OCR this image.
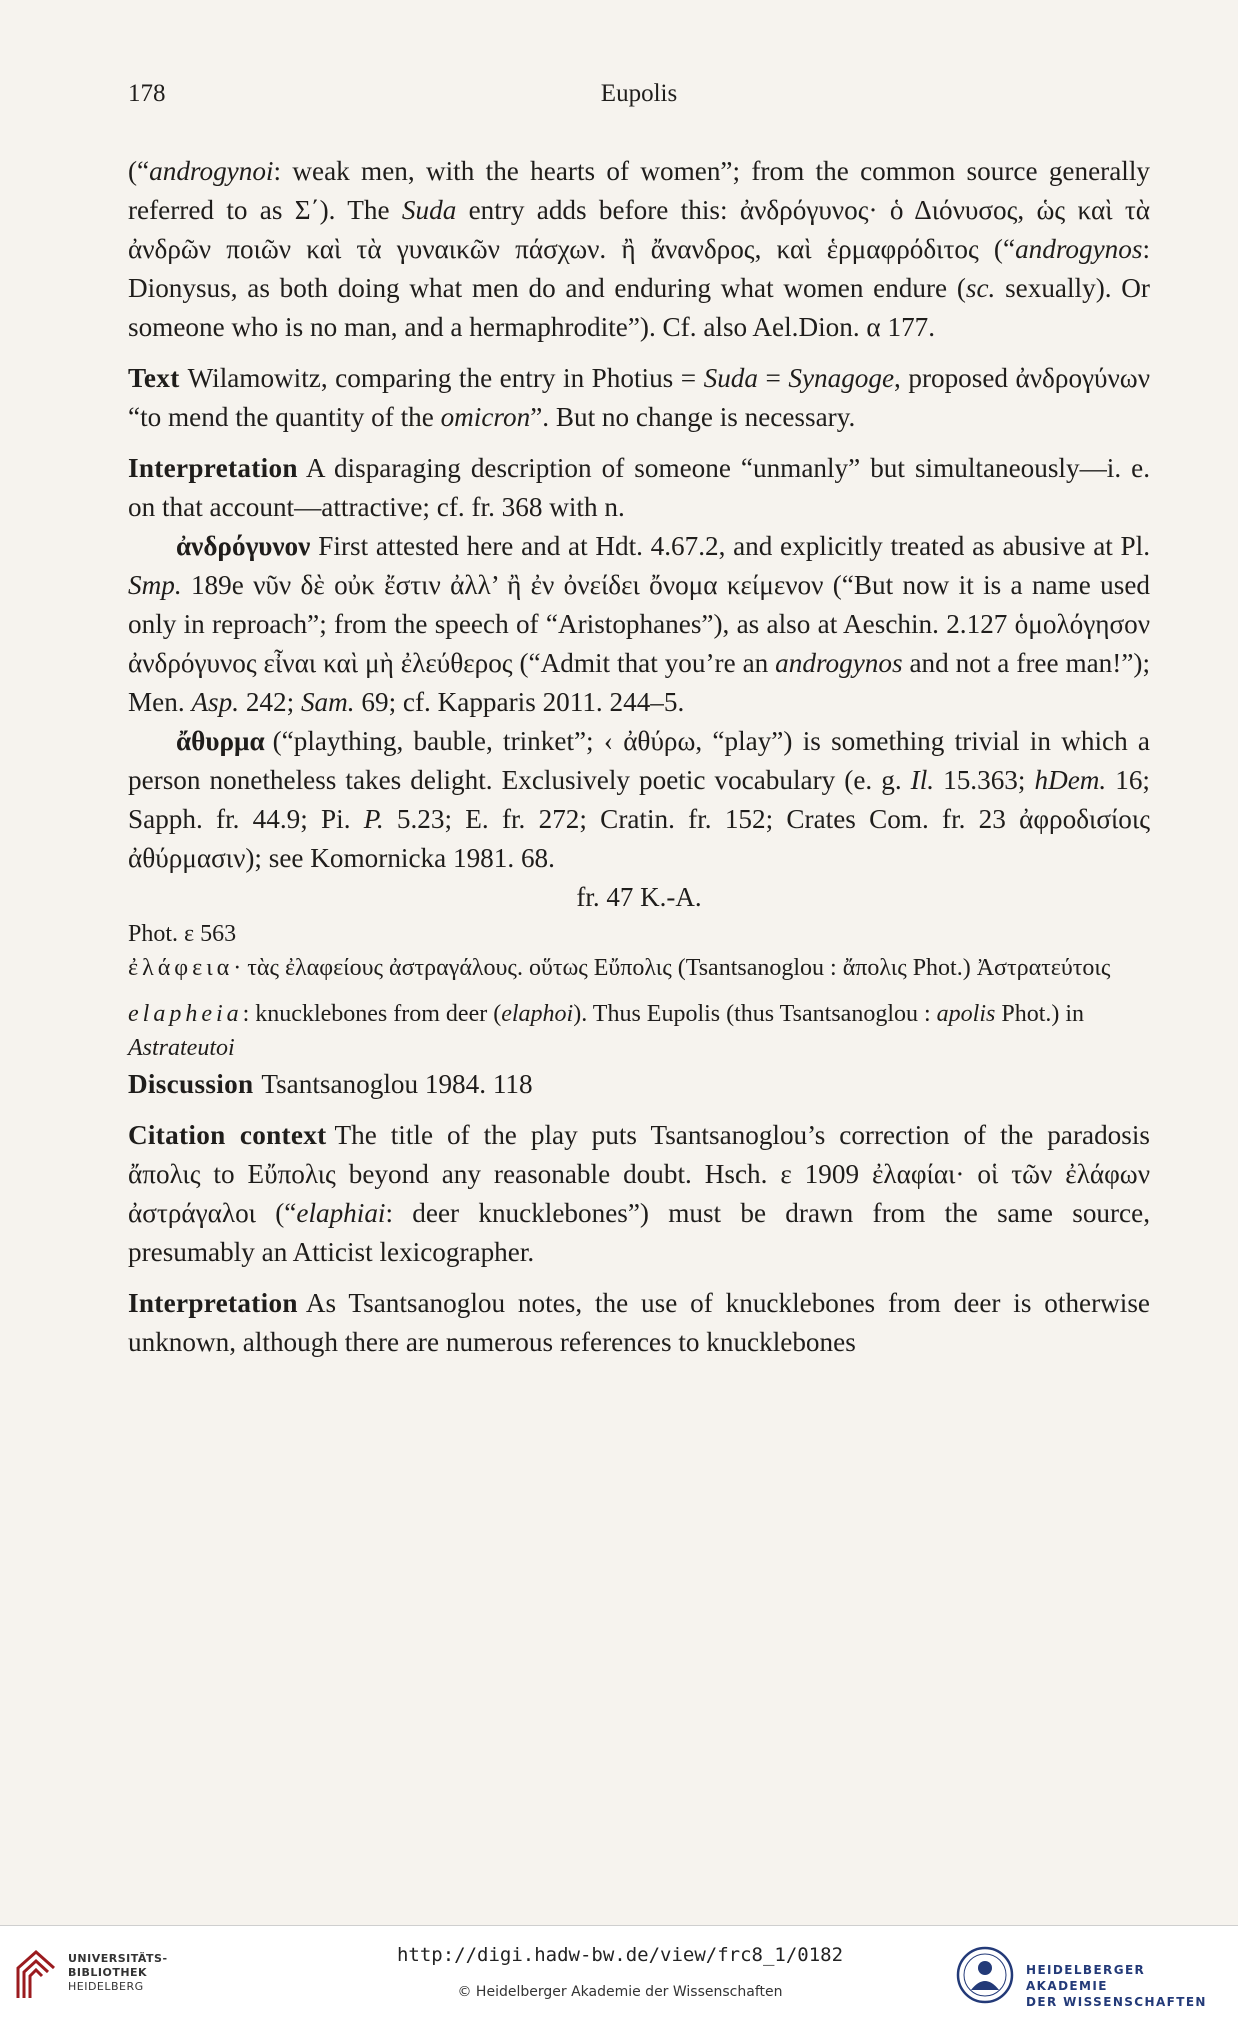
178	Eupolis

(“androgynoi: weak men, with the hearts of women”; from the common source generally referred to as Σ΄). The Suda entry adds before this: ἀνδρόγυνος· ὁ Διόνυσος, ὡς καὶ τὰ ἀνδρῶν ποιῶν καὶ τὰ γυναικῶν πάσχων. ἢ ἄνανδρος, καὶ ἑρμαφρόδιτος (“androgynos: Dionysus, as both doing what men do and enduring what women endure (sc. sexually). Or someone who is no man, and a hermaphrodite”). Cf. also Ael.Dion. α 177.

Text Wilamowitz, comparing the entry in Photius = Suda = Synagoge, proposed ἀνδρογύνων “to mend the quantity of the omicron”. But no change is necessary.

Interpretation A disparaging description of someone “unmanly” but simultaneously—i. e. on that account—attractive; cf. fr. 368 with n.

ἀνδρόγυνον First attested here and at Hdt. 4.67.2, and explicitly treated as abusive at Pl. Smp. 189e νῦν δὲ οὐκ ἔστιν ἀλλ’ ἢ ἐν ὀνείδει ὄνομα κείμενον (“But now it is a name used only in reproach”; from the speech of “Aristophanes”), as also at Aeschin. 2.127 ὁμολόγησον ἀνδρόγυνος εἶναι καὶ μὴ ἐλεύθερος (“Admit that you’re an androgynos and not a free man!”); Men. Asp. 242; Sam. 69; cf. Kapparis 2011. 244–5.

ἄθυρμα (“plaything, bauble, trinket”; ‹ ἀθύρω, “play”) is something trivial in which a person nonetheless takes delight. Exclusively poetic vocabulary (e. g. Il. 15.363; hDem. 16; Sapph. fr. 44.9; Pi. P. 5.23; E. fr. 272; Cratin. fr. 152; Crates Com. fr. 23 ἀφροδισίοις ἀθύρμασιν); see Komornicka 1981. 68.

fr. 47 K.-A.

Phot. ε 563

ἐλάφεια· τὰς ἐλαφείους ἀστραγάλους. οὕτως Εὔπολις (Tsantsanoglou : ἄπολις Phot.) Ἀστρατεύτοις

elapheia: knucklebones from deer (elaphoi). Thus Eupolis (thus Tsantsanoglou : apolis Phot.) in Astrateutoi

Discussion Tsantsanoglou 1984. 118

Citation context The title of the play puts Tsantsanoglou’s correction of the paradosis ἄπολις to Εὔπολις beyond any reasonable doubt. Hsch. ε 1909 ἐλαφίαι· οἱ τῶν ἐλάφων ἀστράγαλοι (“elaphiai: deer knucklebones”) must be drawn from the same source, presumably an Atticist lexicographer.

Interpretation As Tsantsanoglou notes, the use of knucklebones from deer is otherwise unknown, although there are numerous references to knucklebones

UNIVERSITÄTS-
BIBLIOTHEK
HEIDELBERG
http://digi.hadw-bw.de/view/frc8_1/0182
© Heidelberger Akademie der Wissenschaften
HEIDELBERGER AKADEMIE
DER WISSENSCHAFTEN
